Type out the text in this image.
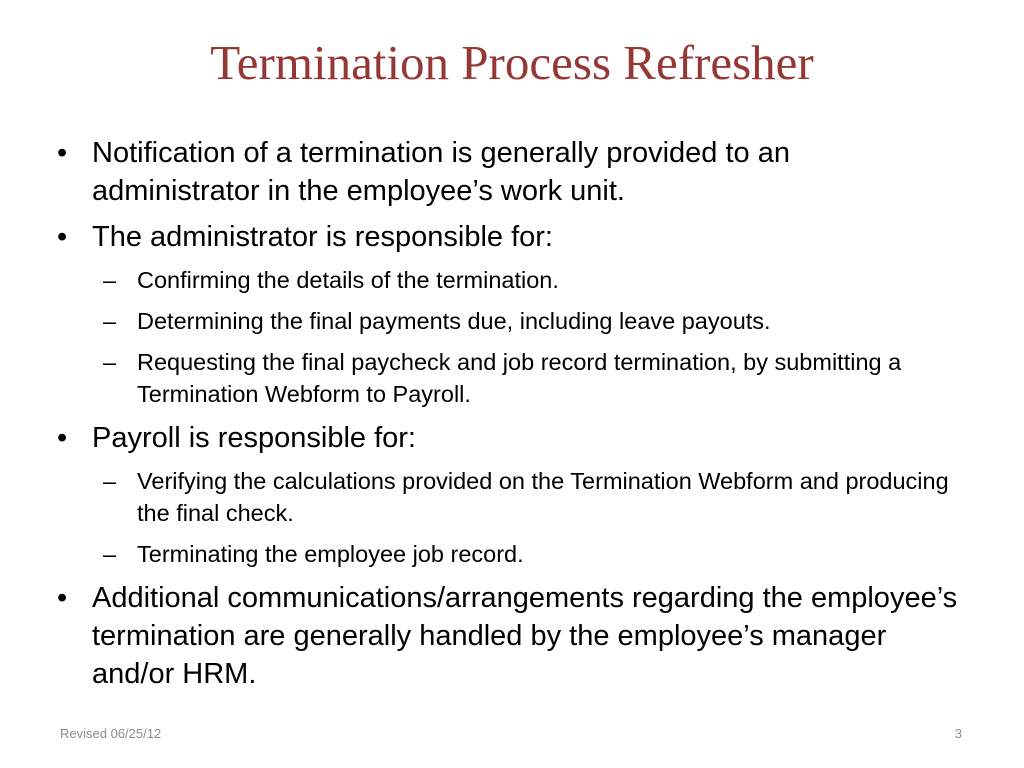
Termination Process Refresher
• Notification of a termination is generally provided to an administrator in the employee’s work unit.
• The administrator is responsible for:
– Confirming the details of the termination.
– Determining the final payments due, including leave payouts.
– Requesting the final paycheck and job record termination, by submitting a Termination Webform to Payroll.
• Payroll is responsible for:
– Verifying the calculations provided on the Termination Webform and producing the final check.
– Terminating the employee job record.
• Additional communications/arrangements regarding the employee’s termination are generally handled by the employee’s manager and/or HRM.
Revised 06/25/12	3
